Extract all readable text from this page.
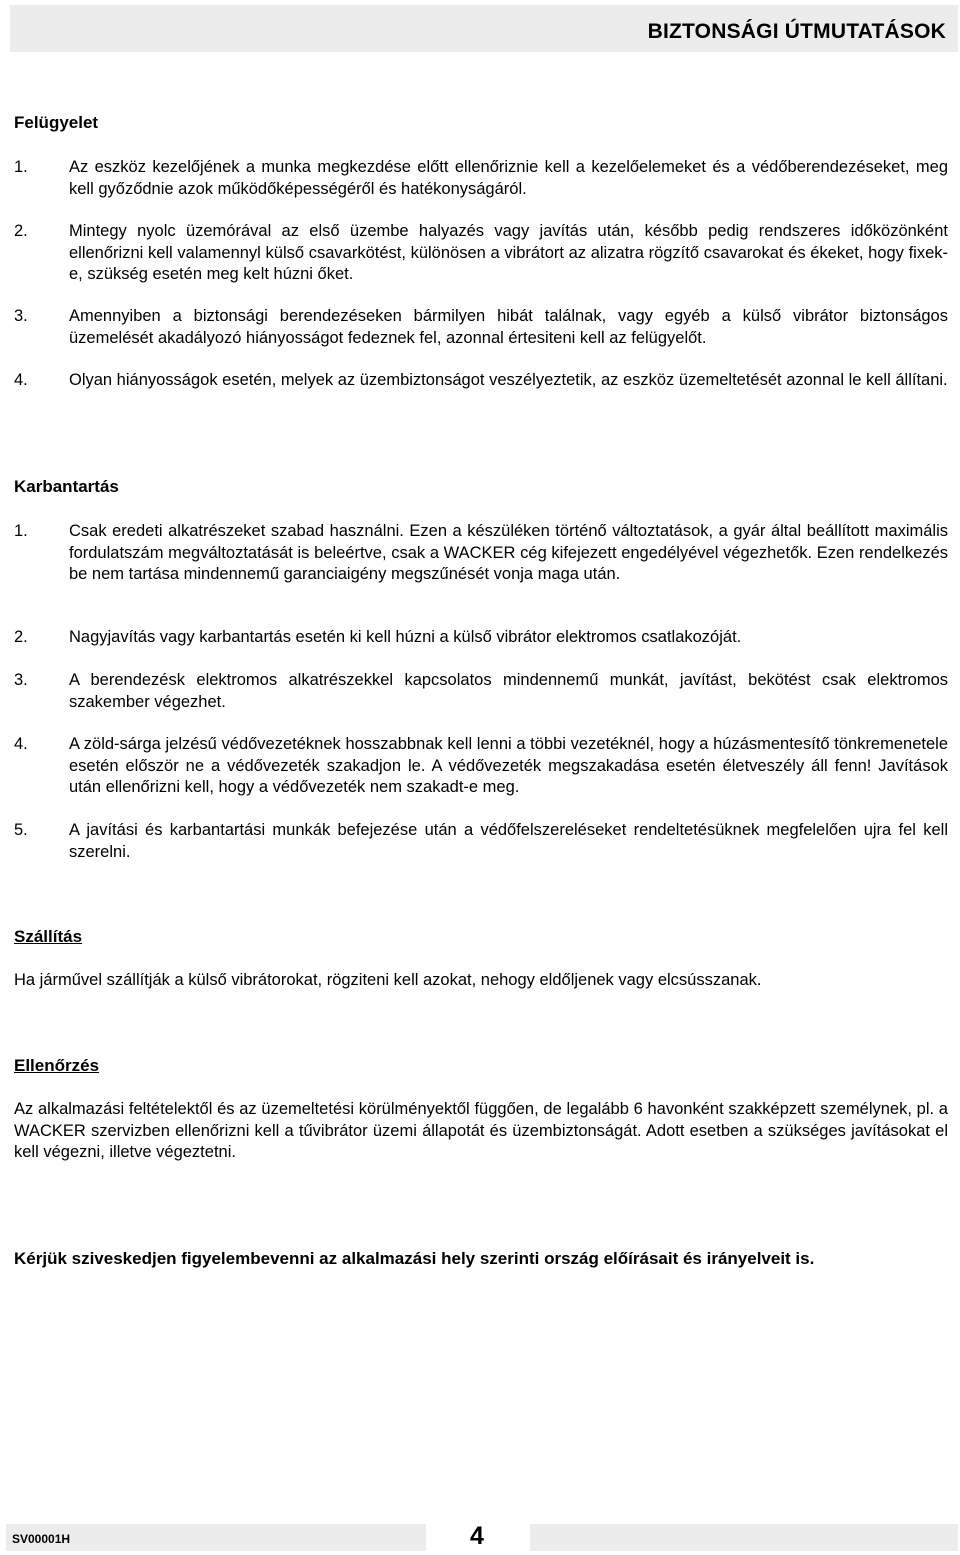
BIZTONSÁGI ÚTMUTATÁSOK
Felügyelet
1. Az eszköz kezelőjének a munka megkezdése előtt ellenőriznie kell a kezelőelemeket és a védőberendezéseket, meg kell győződnie azok működőképességéről és hatékonyságáról.
2. Mintegy nyolc üzemórával az első üzembe halyazés vagy javítás után, később pedig rendszeres időközönként ellenőrizni kell valamennyl külső csavarkötést, különösen a vibrátort az alizatra rögzítő csavarokat és ékeket, hogy fixek-e, szükség esetén meg kelt húzni őket.
3. Amennyiben a biztonsági berendezéseken bármilyen hibát találnak, vagy egyéb a külső vibrátor biztonságos üzemelését akadályozó hiányosságot fedeznek fel, azonnal értesiteni kell az felügyelőt.
4. Olyan hiányosságok esetén, melyek az üzembiztonságot veszélyeztetik, az eszköz üzemeltetését azonnal le kell állítani.
Karbantartás
1. Csak eredeti alkatrészeket szabad használni. Ezen a készüléken történő változtatások, a gyár által beállított maximális fordulatszám megváltoztatását is beleértve, csak a WACKER cég kifejezett engedélyével végezhetők. Ezen rendelkezés be nem tartása mindennemű garanciaigény megszűnését vonja maga után.
2. Nagyjavítás vagy karbantartás esetén ki kell húzni a külső vibrátor elektromos csatlakozóját.
3. A berendezésk elektromos alkatrészekkel kapcsolatos mindennemű munkát, javítást, bekötést csak elektromos szakember végezhet.
4. A zöld-sárga jelzésű védővezetéknek hosszabbnak kell lenni a többi vezetéknél, hogy a húzásmentesítő tönkremenetele esetén először ne a védővezeték szakadjon le. A védővezeték megszakadása esetén életveszély áll fenn! Javítások után ellenőrizni kell, hogy a védővezeték nem szakadt-e meg.
5. A javítási és karbantartási munkák befejezése után a védőfelszereléseket rendeltetésüknek megfelelően ujra fel kell szerelni.
Szállítás
Ha járművel szállítják a külső vibrátorokat, rögziteni kell azokat, nehogy eldőljenek vagy elcsússzanak.
Ellenőrzés
Az alkalmazási feltételektől és az üzemeltetési körülményektől függően, de legalább 6 havonként szakképzett személynek, pl. a WACKER szervizben ellenőrizni kell a tűvibrátor üzemi állapotát és üzembiztonságát. Adott esetben a szükséges javításokat el kell végezni, illetve végeztetni.
Kérjük sziveskedjen figyelembevenni az alkalmazási hely szerinti ország előírásait és irányelveit is.
SV00001H	4
